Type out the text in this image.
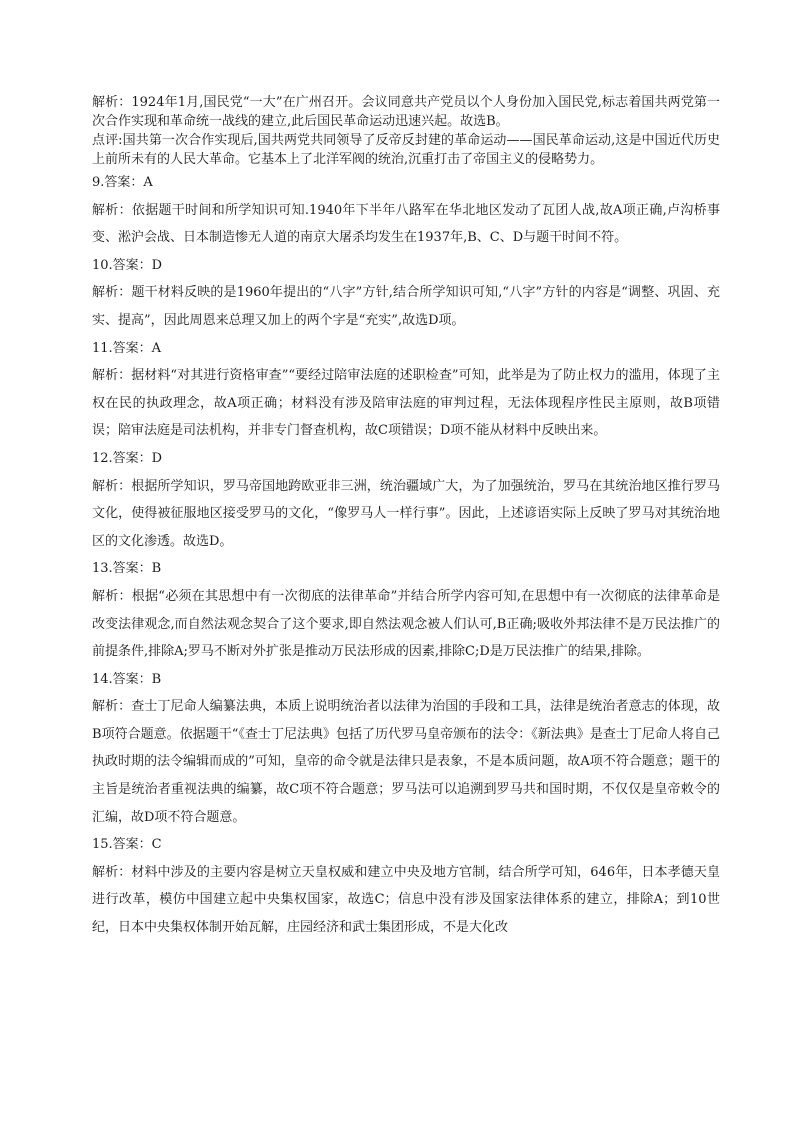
解析：1924年1月,国民党“一大”在广州召开。会议同意共产党员以个人身份加入国民党,标志着国共两党第一次合作实现和革命统一战线的建立,此后国民革命运动迅速兴起。故选B。

点评:国共第一次合作实现后,国共两党共同领导了反帝反封建的革命运动——国民革命运动,这是中国近代历史上前所未有的人民大革命。它基本上了北洋军阀的统治,沉重打击了帝国主义的侵略势力。

9.答案：A

解析：依据题干时间和所学知识可知.1940年下半年八路军在华北地区发动了瓦团人战,故A项正确,卢沟桥事变、淞沪会战、日本制造惨无人道的南京大屠杀均发生在1937年,B、C、D与题干时间不符。

10.答案：D

解析：题干材料反映的是1960年提出的“八字”方针,结合所学知识可知,“八字”方针的内容是“调整、巩固、充实、提高”，因此周恩来总理又加上的两个字是“充实”,故选D项。

11.答案：A

解析：据材料“对其进行资格审查”“要经过陪审法庭的述职检查”可知，此举是为了防止权力的滥用，体现了主权在民的执政理念，故A项正确；材料没有涉及陪审法庭的审判过程，无法体现程序性民主原则，故B项错误；陪审法庭是司法机构，并非专门督查机构，故C项错误；D项不能从材料中反映出来。

12.答案：D

解析：根据所学知识，罗马帝国地跨欧亚非三洲，统治疆域广大，为了加强统治，罗马在其统治地区推行罗马文化，使得被征服地区接受罗马的文化，“像罗马人一样行事”。因此，上述谚语实际上反映了罗马对其统治地区的文化渗透。故选D。

13.答案：B

解析：根据“必须在其思想中有一次彻底的法律革命”并结合所学内容可知,在思想中有一次彻底的法律革命是改变法律观念,而自然法观念契合了这个要求,即自然法观念被人们认可,B正确;吸收外邦法律不是万民法推广的前提条件,排除A;罗马不断对外扩张是推动万民法形成的因素,排除C;D是万民法推广的结果,排除。

14.答案：B

解析：查士丁尼命人编纂法典，本质上说明统治者以法律为治国的手段和工具，法律是统治者意志的体现，故B项符合题意。依据题干“《查士丁尼法典》包括了历代罗马皇帝颁布的法令：《新法典》是查士丁尼命人将自己执政时期的法令编辑而成的”可知，皇帝的命令就是法律只是表象，不是本质问题，故A项不符合题意；题干的主旨是统治者重视法典的编纂，故C项不符合题意；罗马法可以追溯到罗马共和国时期，不仅仅是皇帝敕令的汇编，故D项不符合题意。

15.答案：C

解析：材料中涉及的主要内容是树立天皇权威和建立中央及地方官制，结合所学可知，646年，日本孝德天皇进行改革，模仿中国建立起中央集权国家，故选C；信息中没有涉及国家法律体系的建立，排除A；到10世纪，日本中央集权体制开始瓦解，庄园经济和武士集团形成，不是大化改
